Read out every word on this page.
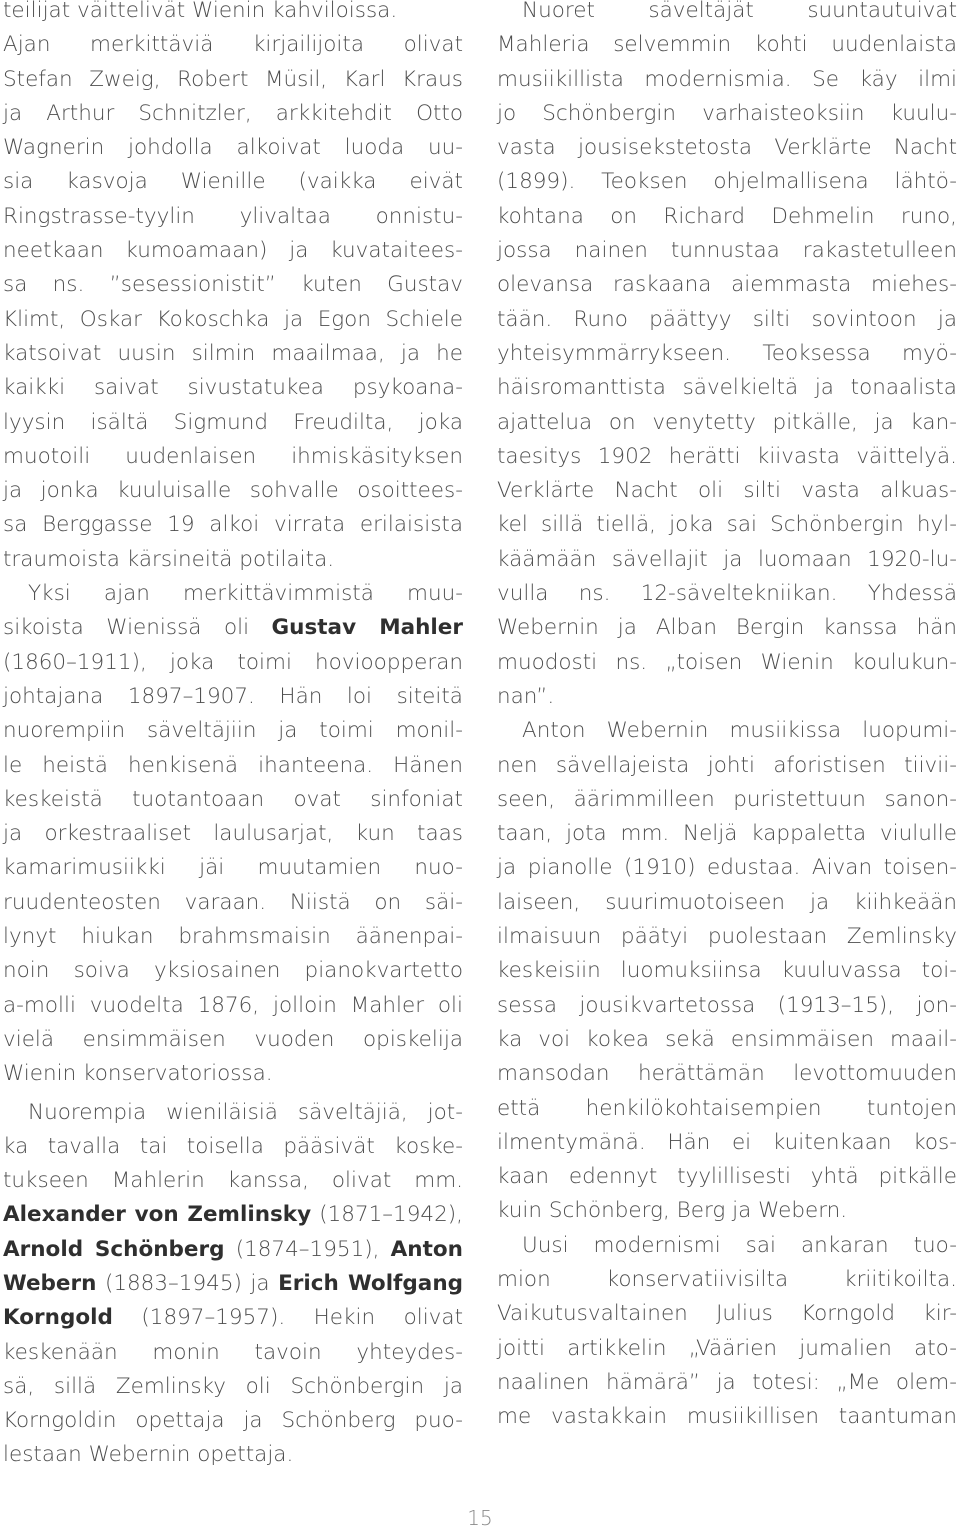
teilijat väittelivät Wienin kahviloissa.
Ajan merkittäviä kirjailijoita olivat
Stefan Zweig, Robert Müsil, Karl Kraus
ja Arthur Schnitzler, arkkitehdit Otto
Wagnerin johdolla alkoivat luoda uu-
sia kasvoja Wienille (vaikka eivät
Ringstrasse-tyylin ylivaltaa onnistu-
neetkaan kumoamaan) ja kuvataitees-
sa ns. ”sesessionistit” kuten Gustav
Klimt, Oskar Kokoschka ja Egon Schiele
katsoivat uusin silmin maailmaa, ja he
kaikki saivat sivustatukea psykoana-
lyysin isältä Sigmund Freudilta, joka
muotoili uudenlaisen ihmiskäsityksen
ja jonka kuuluisalle sohvalle osoittees-
sa Berggasse 19 alkoi virrata erilaisista
traumoista kärsineitä potilaita.
Yksi ajan merkittävimmistä muu-
sikoista Wienissä oli Gustav Mahler
(1860–1911), joka toimi hovioopperan
johtajana 1897–1907. Hän loi siteitä
nuorempiin säveltäjiin ja toimi monil-
le heistä henkisenä ihanteena. Hänen
keskeistä tuotantoaan ovat sinfoniat
ja orkestraaliset laulusarjat, kun taas
kamarimusiikki jäi muutamien nuo-
ruudenteosten varaan. Niistä on säi-
lynyt hiukan brahmsmaisin äänenpai-
noin soiva yksiosainen pianokvartetto
a-molli vuodelta 1876, jolloin Mahler oli
vielä ensimmäisen vuoden opiskelija
Wienin konservatoriossa.
Nuorempia wieniläisiä säveltäjiä, jot-
ka tavalla tai toisella pääsivät koske-
tukseen Mahlerin kanssa, olivat mm.
Alexander von Zemlinsky (1871–1942),
Arnold Schönberg (1874–1951), Anton
Webern (1883–1945) ja Erich Wolfgang
Korngold (1897–1957). Hekin olivat
keskenään monin tavoin yhteydes-
sä, sillä Zemlinsky oli Schönbergin ja
Korngoldin opettaja ja Schönberg puo-
lestaan Webernin opettaja.
Nuoret säveltäjät suuntautuivat
Mahleria selvemmin kohti uudenlaista
musiikillista modernismia. Se käy ilmi
jo Schönbergin varhaisteoksiin kuulu-
vasta jousisekstetosta Verklärte Nacht
(1899). Teoksen ohjelmallisena lähtö-
kohtana on Richard Dehmelin runo,
jossa nainen tunnustaa rakastetulleen
olevansa raskaana aiemmasta miehes-
tään. Runo päättyy silti sovintoon ja
yhteisymmärrykseen. Teoksessa myö-
häisromanttista sävelkieltä ja tonaalista
ajattelua on venytetty pitkälle, ja kan-
taesitys 1902 herätti kiivasta väittelyä.
Verklärte Nacht oli silti vasta alkuas-
kel sillä tiellä, joka sai Schönbergin hyl-
käämään sävellajit ja luomaan 1920-lu-
vulla ns. 12-säveltekniikan. Yhdessä
Webernin ja Alban Bergin kanssa hän
muodosti ns. „toisen Wienin koulukun-
nan”.
Anton Webernin musiikissa luopumi-
nen sävellajeista johti aforistisen tiivii-
seen, äärimmilleen puristettuun sanon-
taan, jota mm. Neljä kappaletta viululle
ja pianolle (1910) edustaa. Aivan toisen-
laiseen, suurimuotoiseen ja kiihkeään
ilmaisuun päätyi puolestaan Zemlinsky
keskeisiin luomuksiinsa kuuluvassa toi-
sessa jousikvartetossa (1913–15), jon-
ka voi kokea sekä ensimmäisen maail-
mansodan herättämän levottomuuden
että henkilökohtaisempien tuntojen
ilmentymänä. Hän ei kuitenkaan kos-
kaan edennyt tyylillisesti yhtä pitkälle
kuin Schönberg, Berg ja Webern.
Uusi modernismi sai ankaran tuo-
mion konservatiivisilta kriitikoilta.
Vaikutusvaltainen Julius Korngold kir-
joitti artikkelin „Väärien jumalien ato-
naalinen hämärä” ja totesi: „Me olem-
me vastakkain musiikillisen taantuman
15
